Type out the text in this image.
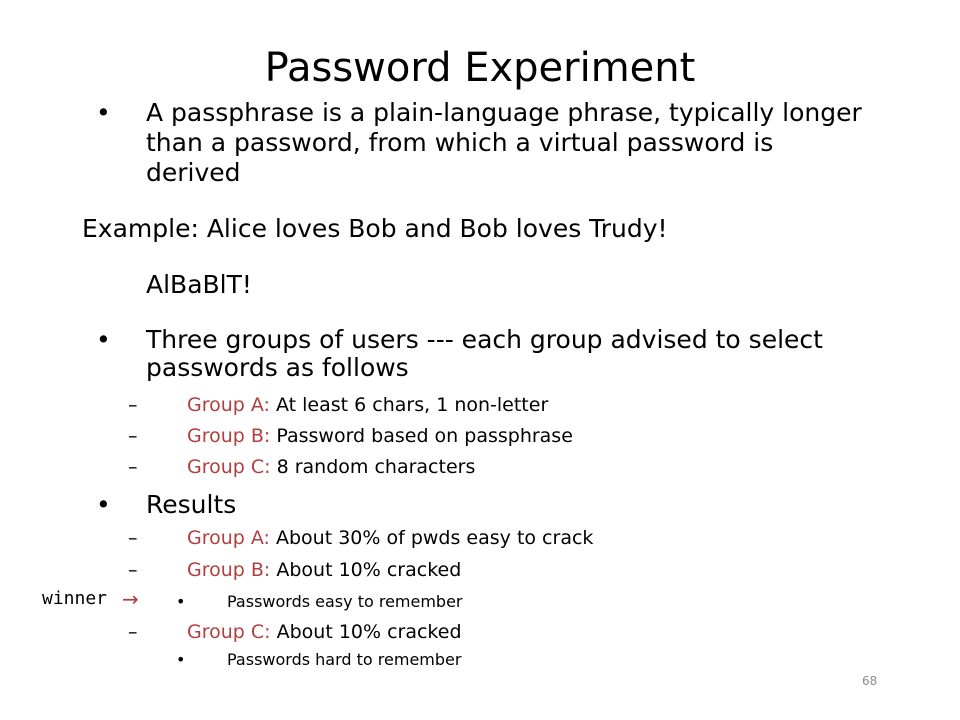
Password Experiment
• A passphrase is a plain-language phrase, typically longer
than a password, from which a virtual password is
derived
Example: Alice loves Bob and Bob loves Trudy!
AlBaBlT!
• Three groups of users --- each group advised to select
passwords as follows
–	Group A: At least 6 chars, 1 non-letter
–	Group B: Password based on passphrase
–	Group C: 8 random characters
• Results
–	Group A: About 30% of pwds easy to crack
–	Group B: About 10% cracked
winner → •	Passwords easy to remember
–	Group C: About 10% cracked
•	Passwords hard to remember
68
